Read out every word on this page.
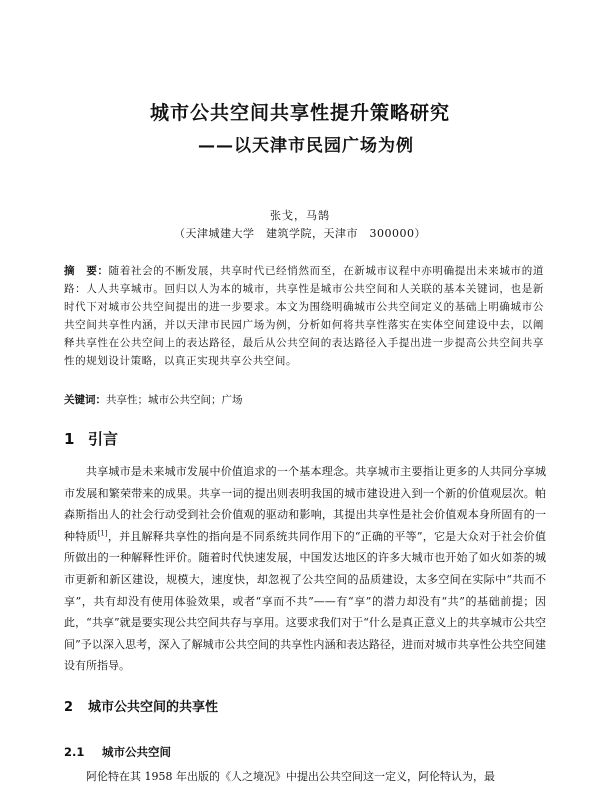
城市公共空间共享性提升策略研究
——以天津市民园广场为例
张戈，马鹄
（天津城建大学　建筑学院，天津市　300000）
摘　要：随着社会的不断发展，共享时代已经悄然而至，在新城市议程中亦明确提出未来城市的道路：人人共享城市。回归以人为本的城市，共享性是城市公共空间和人关联的基本关键词，也是新时代下对城市公共空间提出的进一步要求。本文为围绕明确城市公共空间定义的基础上明确城市公共空间共享性内涵，并以天津市民园广场为例，分析如何将共享性落实在实体空间建设中去，以阐释共享性在公共空间上的表达路径，最后从公共空间的表达路径入手提出进一步提高公共空间共享性的规划设计策略，以真正实现共享公共空间。
关键词：共享性；城市公共空间；广场
1 引言
共享城市是未来城市发展中价值追求的一个基本理念。共享城市主要指让更多的人共同分享城市发展和繁荣带来的成果。共享一词的提出则表明我国的城市建设进入到一个新的价值观层次。帕森斯指出人的社会行动受到社会价值观的驱动和影响，其提出共享性是社会价值观本身所固有的一种特质[1]，并且解释共享性的指向是不同系统共同作用下的“正确的平等”，它是大众对于社会价值所做出的一种解释性评价。随着时代快速发展，中国发达地区的许多大城市也开始了如火如荼的城市更新和新区建设，规模大，速度快，却忽视了公共空间的品质建设，太多空间在实际中“共而不享”，共有却没有使用体验效果，或者“享而不共”——有“享”的潜力却没有“共”的基础前提；因此，“共享”就是要实现公共空间共存与享用。这要求我们对于“什么是真正意义上的共享城市公共空间”予以深入思考，深入了解城市公共空间的共享性内涵和表达路径，进而对城市共享性公共空间建设有所指导。
2 城市公共空间的共享性
2.1 城市公共空间
阿伦特在其 1958 年出版的《人之境况》中提出公共空间这一定义，阿伦特认为，最
